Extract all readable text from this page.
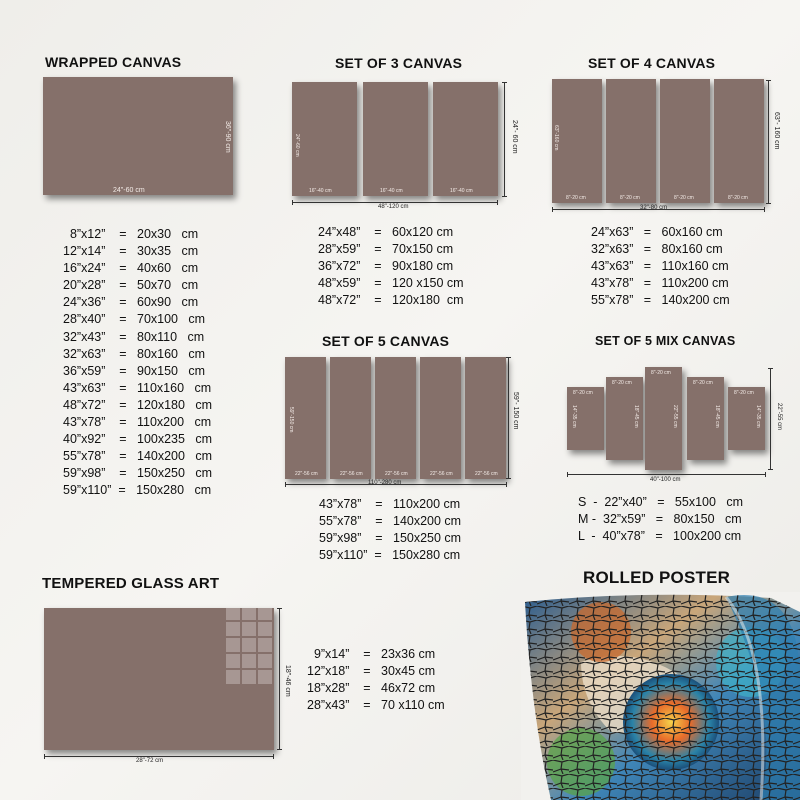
WRAPPED CANVAS
24"-60 cm
36"-90 cm
8”x12”    =   20x30   cm
12”x14”    =   30x35   cm
16”x24”    =   40x60   cm
20”x28”    =   50x70   cm
24”x36”    =   60x90   cm
28”x40”    =   70x100   cm
32”x43”    =   80x110   cm
32”x63”    =   80x160   cm
36”x59”    =   90x150   cm
43”x63”    =   110x160   cm
48”x72”    =   120x180   cm
43”x78”    =   110x200   cm
40”x92”    =   100x235   cm
55”x78”    =   140x200   cm
59”x98”    =   150x250   cm
59”x110”  =   150x280   cm
SET OF 3 CANVAS
16"-40 cm
24"-60 cm
16"-40 cm	16"-40 cm
48"-120 cm
24"- 60 cm
24”x48”    =   60x120 cm
28”x59”    =   70x150 cm
36”x72”    =   90x180 cm
48”x59”    =   120 x150 cm
48”x72”    =   120x180  cm
SET OF 4 CANVAS
8"-20 cm
63"-160 cm
8"-20 cm	8"-20 cm	8"-20 cm
32"-80 cm
63"- 160 cm
24”x63”   =   60x160 cm
32”x63”   =   80x160 cm
43”x63”   =   110x160 cm
43”x78”   =   110x200 cm
55”x78”   =   140x200 cm
SET OF 5 CANVAS
22"-56 cm
59"-150 cm
22"-56 cm	22"-56 cm	22"-56 cm	22"-56 cm
110"-280 cm
59"- 150 cm
43”x78”    =   110x200 cm
55”x78”    =   140x200 cm
59”x98”    =   150x250 cm
59”x110”  =   150x280 cm
SET OF 5 MIX CANVAS
8"-20 cm
14"-35 cm
8"-20 cm
18"-45 cm
8"-20 cm
22"-55 cm
8"-20 cm
18"-45 cm
8"-20 cm
14"-35 cm
40"-100 cm
22"-55 cm
S  -  22”x40”   =   55x100   cm
M -  32”x59”   =   80x150   cm
L  -  40”x78”   =   100x200 cm
TEMPERED GLASS ART
28"-72 cm
18"-46 cm
9”x14”    =   23x36 cm
12”x18”    =   30x45 cm
18”x28”    =   46x72 cm
28”x43”    =   70 x110 cm
ROLLED POSTER
